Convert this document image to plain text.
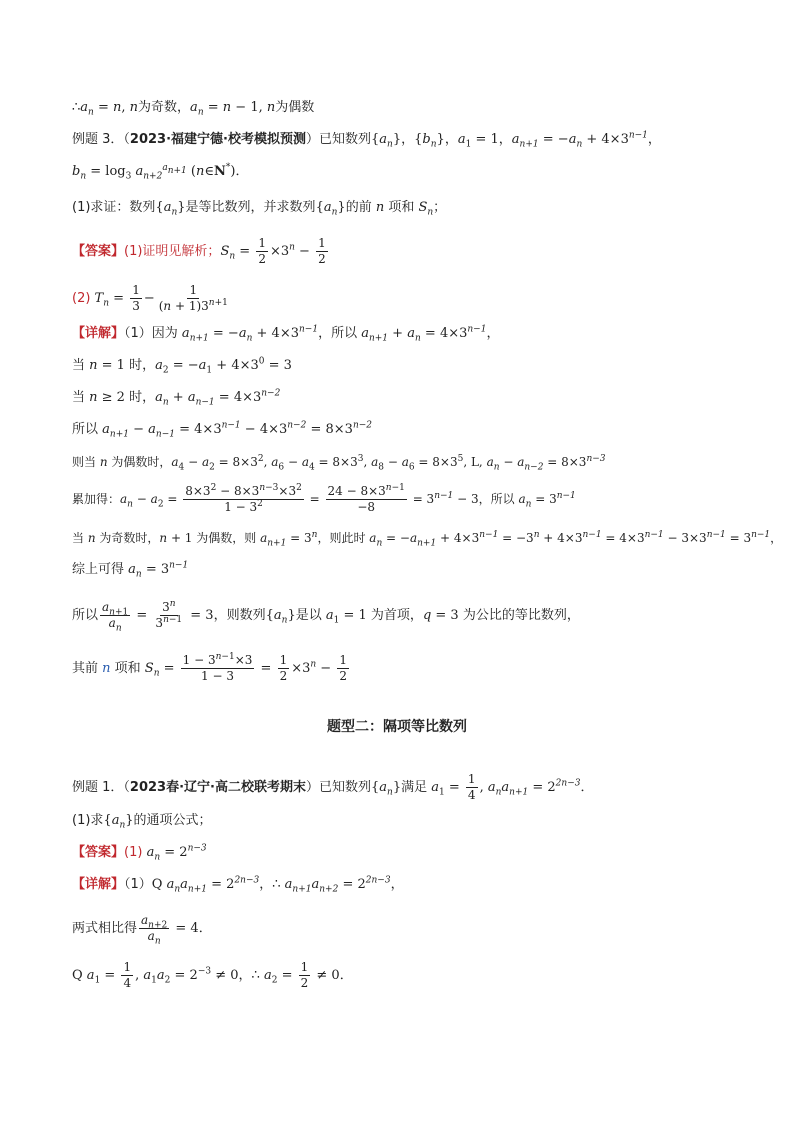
$\therefore a_n = n$, n为奇数，$a_n = n - 1$, n为偶数
例题 3．（2023·福建宁德·校考模拟预测）已知数列$\{a_n\}$，$\{b_n\}$，$a_1 = 1$，$a_{n+1} = -a_n + 4\times 3^{n-1}$，
$b_n = \log_3 a_{n+2}^{a_{n+1}}$ (n∈N*)．
(1)求证：数列$\{a_n\}$是等比数列，并求数列$\{a_n\}$的前 n 项和 $S_n$；
【答案】(1)证明见解析；$S_n = \frac{1}{2} \times 3^n - \frac{1}{2}$
(2) $T_n = \frac{1}{3} - \frac{1}{(n + 1)3^{n+1}}$
【详解】（1）因为 $a_{n+1} = -a_n + 4\times 3^{n-1}$，所以 $a_{n+1} + a_n = 4\times 3^{n-1}$，
当 n = 1 时，$a_2 = -a_1 + 4\times 3^0 = 3$
当 n ≥ 2 时，$a_n + a_{n-1} = 4\times 3^{n-2}$
所以 $a_{n+1} - a_{n-1} = 4\times 3^{n-1} - 4\times 3^{n-2} = 8\times 3^{n-2}$
则当 n 为偶数时，$a_4 - a_2 = 8\times 3^2$, $a_6 - a_4 = 8\times 3^3$, $a_8 - a_6 = 8\times 3^5$, L, $a_n - a_{n-2} = 8\times 3^{n-3}$
累加得：$a_n - a_2 = \frac{8\times 3^2 - 8\times 3^{n-3}\times 3^2}{1 - 3^2} = \frac{24 - 8\times 3^{n-1}}{-8} = 3^{n-1} - 3$，所以 $a_n = 3^{n-1}$
当 n 为奇数时，n + 1 为偶数，则 $a_{n+1} = 3^n$，则此时 $a_n = -a_{n+1} + 4\times 3^{n-1} = -3^n + 4\times 3^{n-1} = 4\times 3^{n-1} - 3\times 3^{n-1} = 3^{n-1}$，
综上可得 $a_n = 3^{n-1}$
所以 $\frac{a_{n+1}}{a_n} = \frac{3^n}{3^{n-1}} = 3$，则数列$\{a_n\}$是以 $a_1 = 1$ 为首项，q = 3 为公比的等比数列，
其前 n 项和 $S_n = \frac{1 - 3^{n-1}\times 3}{1 - 3} = \frac{1}{2} \times 3^n - \frac{1}{2}$
题型二：隔项等比数列
例题 1．（2023春·辽宁·高二校联考期末）已知数列$\{a_n\}$满足 $a_1 = \frac{1}{4}$ , $a_na_{n+1} = 2^{2n-3}$．
(1)求$\{a_n\}$的通项公式；
【答案】(1) $a_n = 2^{n-3}$
【详解】（1）Q $a_na_{n+1} = 2^{2n-3}$，∴ $a_{n+1}a_{n+2} = 2^{2n-3}$，
两式相比得 $\frac{a_{n+2}}{a_n} = 4$．
Q $a_1 = \frac{1}{4}$ , $a_1a_2 = 2^{-3} \ne 0$，∴ $a_2 = \frac{1}{2} \ne 0$．
